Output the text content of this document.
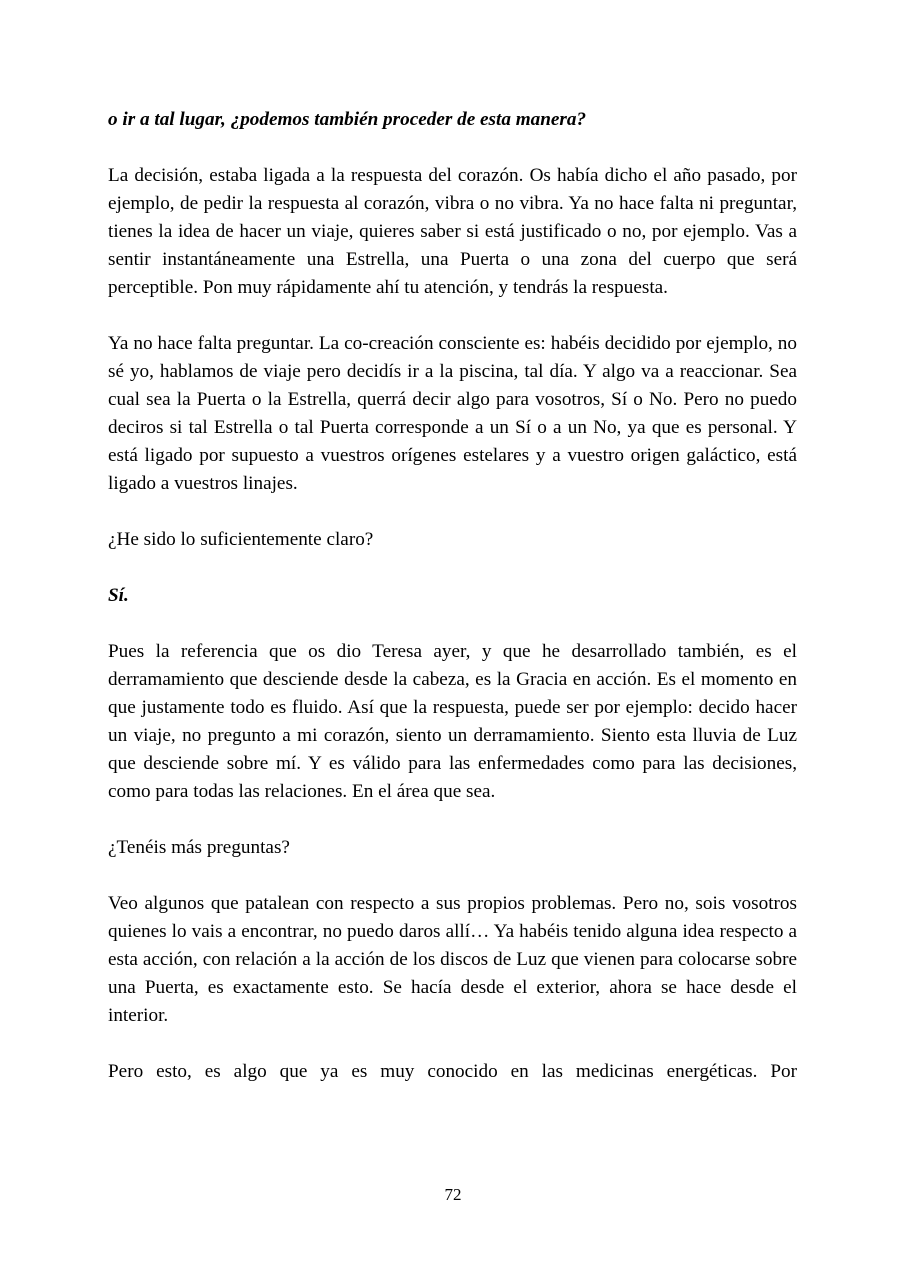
o ir a tal lugar, ¿podemos también proceder de esta manera?

La decisión, estaba ligada a la respuesta del corazón. Os había dicho el año pasado, por ejemplo, de pedir la respuesta al corazón, vibra o no vibra. Ya no hace falta ni preguntar, tienes la idea de hacer un viaje, quieres saber si está justificado o no, por ejemplo. Vas a sentir instantáneamente una Estrella, una Puerta o una zona del cuerpo que será perceptible. Pon muy rápidamente ahí tu atención, y tendrás la respuesta.

Ya no hace falta preguntar. La co-creación consciente es: habéis decidido por ejemplo, no sé yo, hablamos de viaje pero decidís ir a la piscina, tal día. Y algo va a reaccionar. Sea cual sea la Puerta o la Estrella, querrá decir algo para vosotros, Sí o No. Pero no puedo deciros si tal Estrella o tal Puerta corresponde a un Sí o a un No, ya que es personal. Y está ligado por supuesto a vuestros orígenes estelares y a vuestro origen galáctico, está ligado a vuestros linajes.

¿He sido lo suficientemente claro?

Sí.

Pues la referencia que os dio Teresa ayer, y que he desarrollado también, es el derramamiento que desciende desde la cabeza, es la Gracia en acción. Es el momento en que justamente todo es fluido. Así que la respuesta, puede ser por ejemplo: decido hacer un viaje, no pregunto a mi corazón, siento un derramamiento. Siento esta lluvia de Luz que desciende sobre mí. Y es válido para las enfermedades como para las decisiones, como para todas las relaciones. En el área que sea.

¿Tenéis más preguntas?

Veo algunos que patalean con respecto a sus propios problemas. Pero no, sois vosotros quienes lo vais a encontrar, no puedo daros allí… Ya habéis tenido alguna idea respecto a esta acción, con relación a la acción de los discos de Luz que vienen para colocarse sobre una Puerta, es exactamente esto. Se hacía desde el exterior, ahora se hace desde el interior.

Pero esto, es algo que ya es muy conocido en las medicinas energéticas. Por

72
